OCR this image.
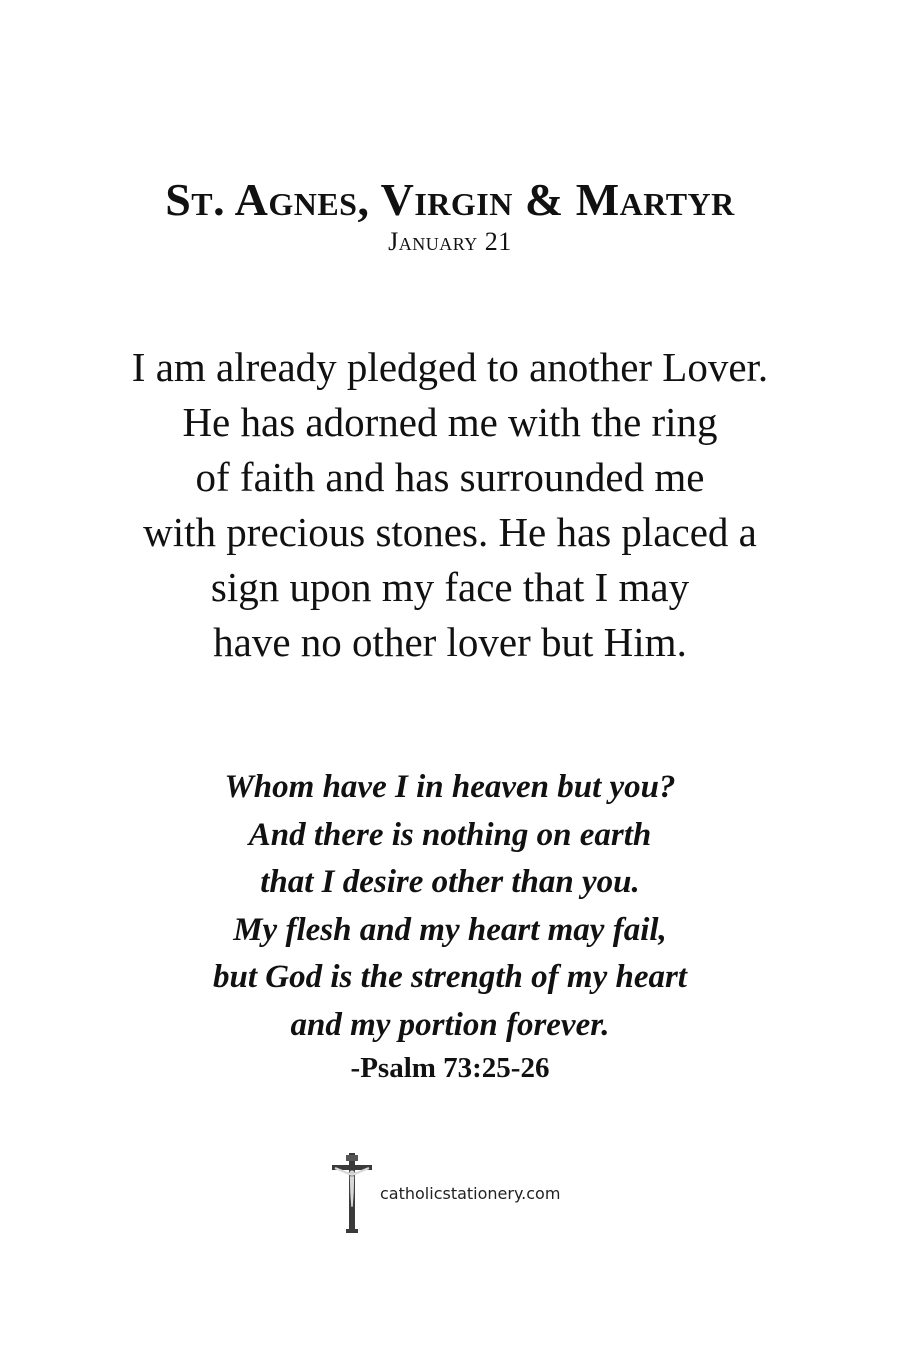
St. Agnes, Virgin & Martyr
January 21
I am already pledged to another Lover.
He has adorned me with the ring
of faith and has surrounded me
with precious stones. He has placed a
sign upon my face that I may
have no other lover but Him.
Whom have I in heaven but you?
And there is nothing on earth
that I desire other than you.
My flesh and my heart may fail,
but God is the strength of my heart
and my portion forever.
-Psalm 73:25-26
catholicstationery.com
